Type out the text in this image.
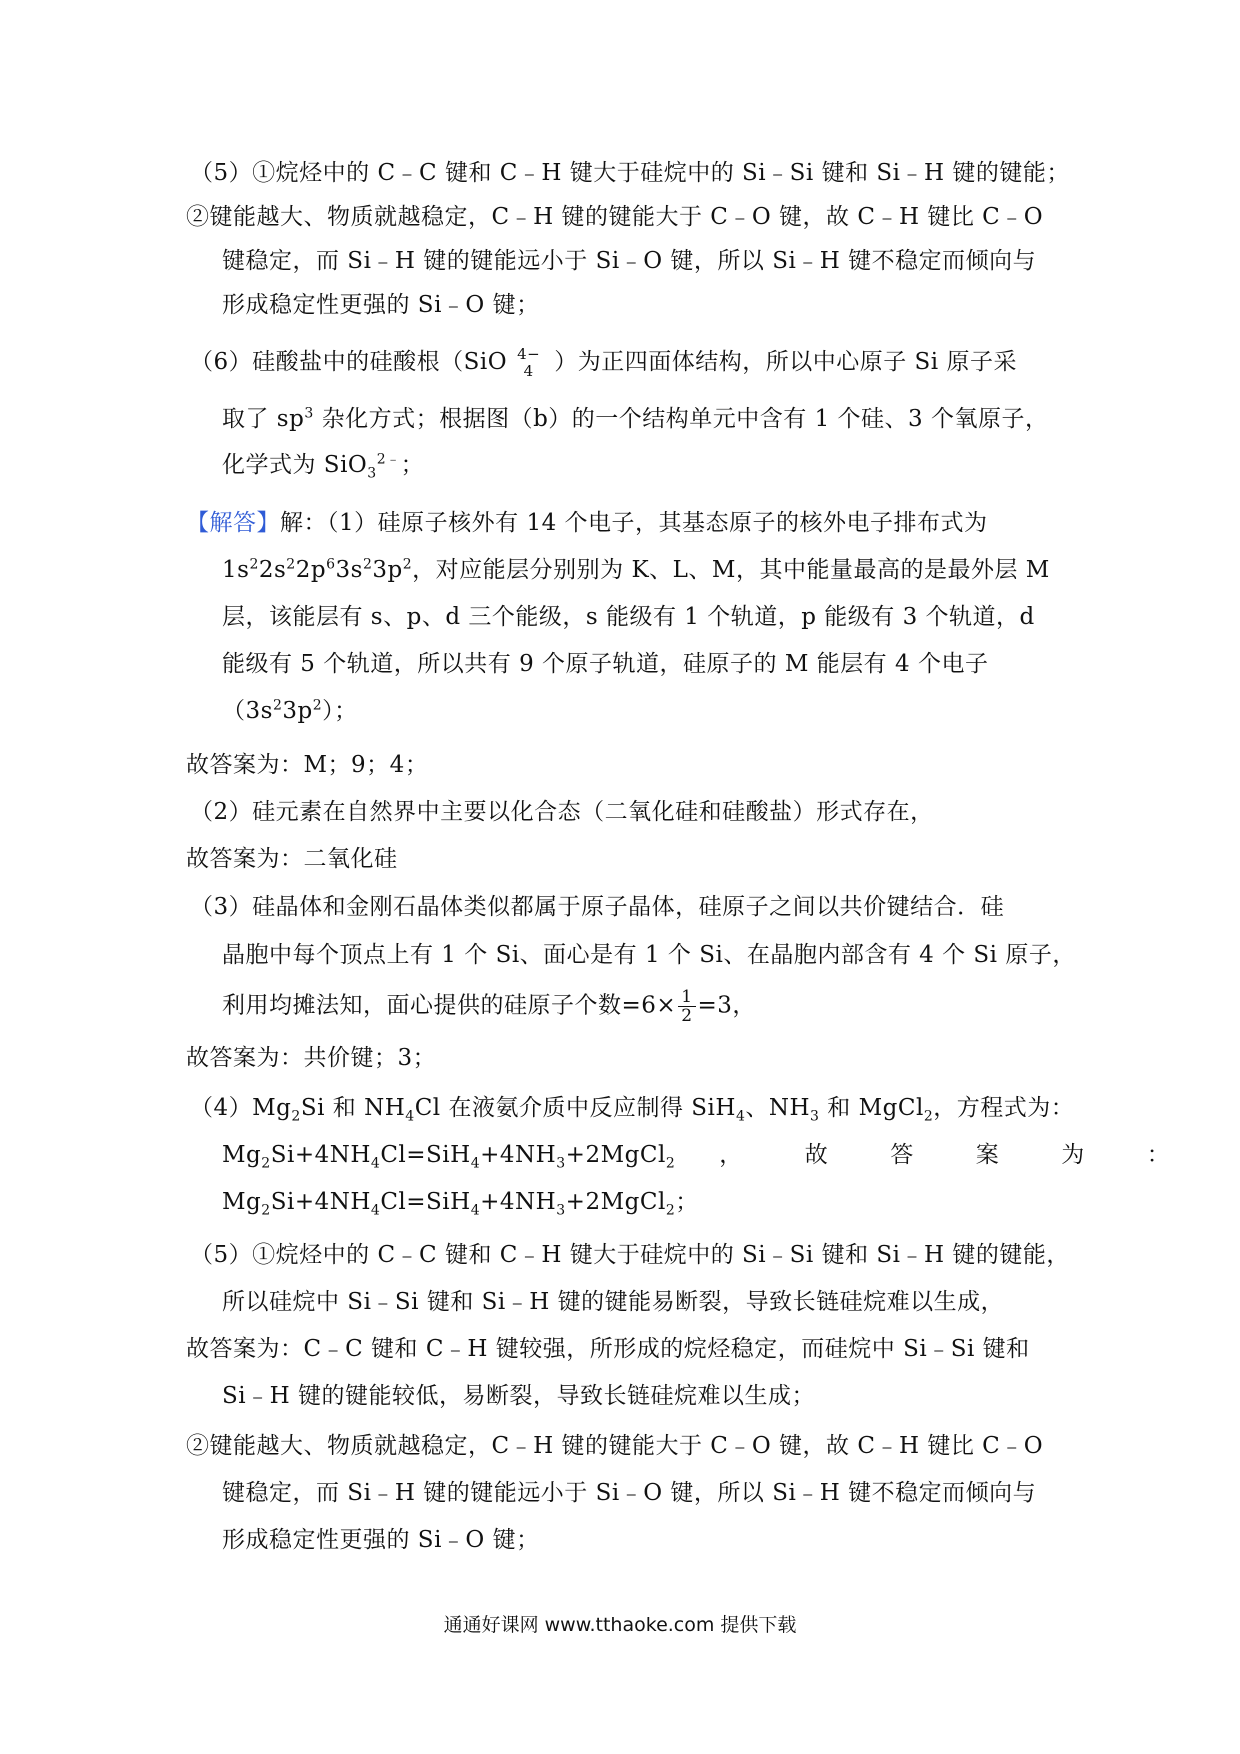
（5）①烷烃中的 C﹣C 键和 C﹣H 键大于硅烷中的 Si﹣Si 键和 Si﹣H 键的键能；
②键能越大、物质就越稳定，C﹣H 键的键能大于 C﹣O 键，故 C﹣H 键比 C﹣O
键稳定，而 Si﹣H 键的键能远小于 Si﹣O 键，所以 Si﹣H 键不稳定而倾向与
形成稳定性更强的 Si﹣O 键；
（6）硅酸盐中的硅酸根（SiO 4−
4 ）为正四面体结构，所以中心原子 Si 原子采
取了 $sp^3$ 杂化方式；根据图（b）的一个结构单元中含有 1 个硅、3 个氧原子，
化学式为 SiO$_3^{2﹣}$；
【解答】解：（1）硅原子核外有 14 个电子，其基态原子的核外电子排布式为
$1s^22s^22p^63s^23p^2$，对应能层分别别为 K、L、M，其中能量最高的是最外层 M
层，该能层有 s、p、d 三个能级，s 能级有 1 个轨道，p 能级有 3 个轨道，d
能级有 5 个轨道，所以共有 9 个原子轨道，硅原子的 M 能层有 4 个电子
$(3s^23p^2)$；
故答案为：M；9；4；
（2）硅元素在自然界中主要以化合态（二氧化硅和硅酸盐）形式存在，
故答案为：二氧化硅
（3）硅晶体和金刚石晶体类似都属于原子晶体，硅原子之间以共价键结合．硅
晶胞中每个顶点上有 1 个 Si、面心是有 1 个 Si、在晶胞内部含有 4 个 Si 原子，
利用均摊法知，面心提供的硅原子个数$=6\times \frac{1}{2} =3$，
故答案为：共价键；3；
$(4)Mg_2Si$ 和 $NH_4Cl$ 在液氨介质中反应制得 SiH$_4$、$NH_3$ 和 MgCl$_2$，方程式为：
$Mg_2Si+4NH_4Cl=SiH_4+4NH_3+2MgCl_2$ ，	故	答	案	为	：
$Mg_2Si+4NH_4Cl=SiH_4+4NH_3+2MgCl_2$；
（5）①烷烃中的 C﹣C 键和 C﹣H 键大于硅烷中的 Si﹣Si 键和 Si﹣H 键的键能，
所以硅烷中 Si﹣Si 键和 Si﹣H 键的键能易断裂，导致长链硅烷难以生成，
故答案为：C﹣C 键和 C﹣H 键较强，所形成的烷烃稳定，而硅烷中 Si﹣Si 键和
Si﹣H 键的键能较低，易断裂，导致长链硅烷难以生成；
②键能越大、物质就越稳定，C﹣H 键的键能大于 C﹣O 键，故 C﹣H 键比 C﹣O
键稳定，而 Si﹣H 键的键能远小于 Si﹣O 键，所以 Si﹣H 键不稳定而倾向与
形成稳定性更强的 Si﹣O 键；
通通好课网 www.tthaoke.com 提供下载
